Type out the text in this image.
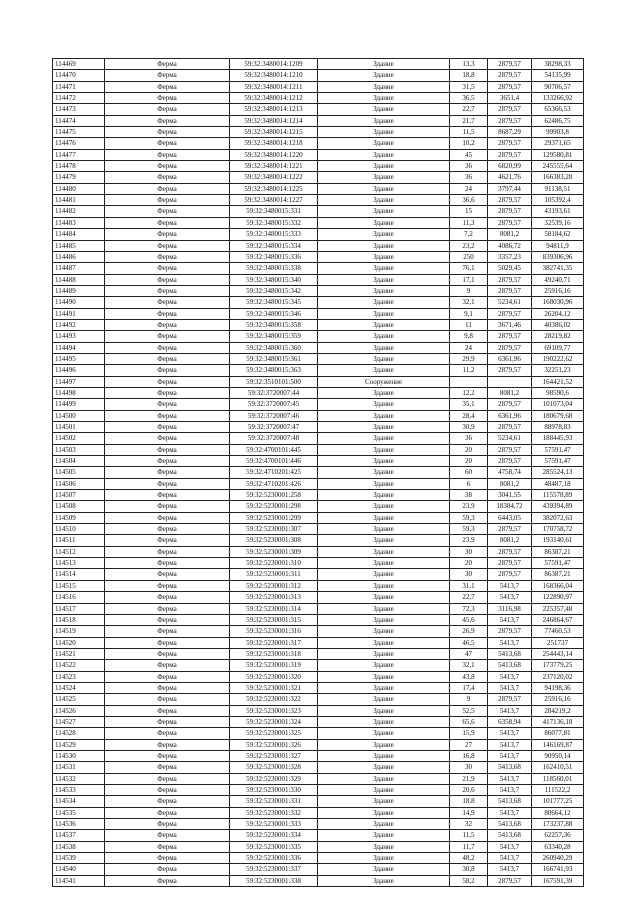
114469	Ферма	59:32:3480014:1209	Здание	13,3	2879,57	38298,33
114470	Ферма	59:32:3480014:1210	Здание	18,8	2879,57	54135,99
114471	Ферма	59:32:3480014:1211	Здание	31,5	2879,57	90706,57
114472	Ферма	59:32:3480014:1212	Здание	36,5	3651,4	133266,92
114473	Ферма	59:32:3480014:1213	Здание	22,7	2879,57	65366,53
114474	Ферма	59:32:3480014:1214	Здание	21,7	2879,57	62486,75
114475	Ферма	59:32:3480014:1215	Здание	11,5	8687,29	99903,8
114476	Ферма	59:32:3480014:1218	Здание	10,2	2879,57	29371,65
114477	Ферма	59:32:3480014:1220	Здание	45	2879,57	129580,81
114478	Ферма	59:32:3480014:1221	Здание	36	6820,99	245555,64
114479	Ферма	59:32:3480014:1222	Здание	36	4621,76	166383,28
114480	Ферма	59:32:3480014:1225	Здание	24	3797,44	91138,51
114481	Ферма	59:32:3480014:1227	Здание	36,6	2879,57	105392,4
114482	Ферма	59:32:3480015:331	Здание	15	2879,57	43193,61
114483	Ферма	59:32:3480015:332	Здание	11,3	2879,57	32539,16
114484	Ферма	59:32:3480015:333	Здание	7,2	8081,2	58184,62
114485	Ферма	59:32:3480015:334	Здание	23,2	4086,72	94811,9
114486	Ферма	59:32:3480015:336	Здание	250	3357,23	839306,96
114487	Ферма	59:32:3480015:338	Здание	76,1	5029,45	382741,35
114488	Ферма	59:32:3480015:340	Здание	17,1	2879,57	49240,71
114489	Ферма	59:32:3480015:342	Здание	9	2879,57	25916,16
114490	Ферма	59:32:3480015:345	Здание	32,1	5234,61	168030,96
114491	Ферма	59:32:3480015:346	Здание	9,1	2879,57	26204,12
114492	Ферма	59:32:3480015:358	Здание	11	3671,46	40386,02
114493	Ферма	59:32:3480015:359	Здание	9,8	2879,57	28219,82
114494	Ферма	59:32:3480015:360	Здание	24	2879,57	69109,77
114495	Ферма	59:32:3480015:361	Здание	29,9	6361,96	190222,62
114496	Ферма	59:32:3480015:363	Здание	11,2	2879,57	32251,23
114497	Ферма	59:32:3510101:500	Сооружение			164421,52
114498	Ферма	59:32:3720007:44	Здание	12,2	8081,2	98590,6
114499	Ферма	59:32:3720007:45	Здание	35,1	2879,57	101073,04
114500	Ферма	59:32:3720007:46	Здание	28,4	6361,96	180679,68
114501	Ферма	59:32:3720007:47	Здание	30,9	2879,57	88978,83
114502	Ферма	59:32:3720007:48	Здание	36	5234,61	188445,93
114503	Ферма	59:32:4700101:445	Здание	20	2879,57	57591,47
114504	Ферма	59:32:4700101:446	Здание	20	2879,57	57591,47
114505	Ферма	59:32:4710201:425	Здание	60	4758,74	285524,13
114506	Ферма	59:32:4710201:426	Здание	6	8081,2	48487,18
114507	Ферма	59:32:5230001:258	Здание	38	3041,55	115578,89
114508	Ферма	59:32:5230001:298	Здание	23,9	18384,72	439394,89
114509	Ферма	59:32:5230001:299	Здание	59,3	6443,05	382072,63
114510	Ферма	59:32:5230001:307	Здание	59,3	2879,57	170758,72
114511	Ферма	59:32:5230001:308	Здание	23,9	8081,2	193140,61
114512	Ферма	59:32:5230001:309	Здание	30	2879,57	86387,21
114513	Ферма	59:32:5230001:310	Здание	20	2879,57	57591,47
114514	Ферма	59:32:5230001:311	Здание	30	2879,57	86387,21
114515	Ферма	59:32:5230001:312	Здание	31,1	5413,7	168366,04
114516	Ферма	59:32:5230001:313	Здание	22,7	5413,7	122890,97
114517	Ферма	59:32:5230001:314	Здание	72,3	3116,98	225357,48
114518	Ферма	59:32:5230001:315	Здание	45,6	5413,7	246864,67
114519	Ферма	59:32:5230001:316	Здание	26,9	2879,57	77460,53
114520	Ферма	59:32:5230001:317	Здание	46,5	5413,7	251737
114521	Ферма	59:32:5230001:318	Здание	47	5413,68	254443,14
114522	Ферма	59:32:5230001:319	Здание	32,1	5413,68	173779,25
114523	Ферма	59:32:5230001:320	Здание	43,8	5413,7	237120,02
114524	Ферма	59:32:5230001:321	Здание	17,4	5413,7	94198,36
114525	Ферма	59:32:5230001:322	Здание	9	2879,57	25916,16
114526	Ферма	59:32:5230001:323	Здание	52,5	5413,7	284219,2
114527	Ферма	59:32:5230001:324	Здание	65,6	6358,94	417136,18
114528	Ферма	59:32:5230001:325	Здание	15,9	5413,7	86077,81
114529	Ферма	59:32:5230001:326	Здание	27	5413,7	146169,87
114530	Ферма	59:32:5230001:327	Здание	16,8	5413,7	90950,14
114531	Ферма	59:32:5230001:328	Здание	30	5413,68	162410,51
114532	Ферма	59:32:5230001:329	Здание	21,9	5413,7	118560,01
114533	Ферма	59:32:5230001:330	Здание	20,6	5413,7	111522,2
114534	Ферма	59:32:5230001:331	Здание	18,8	5413,68	101777,25
114535	Ферма	59:32:5230001:332	Здание	14,9	5413,7	80664,12
114536	Ферма	59:32:5230001:333	Здание	32	5413,68	173237,88
114537	Ферма	59:32:5230001:334	Здание	11,5	5413,68	62257,36
114538	Ферма	59:32:5230001:335	Здание	11,7	5413,7	63340,28
114539	Ферма	59:32:5230001:336	Здание	48,2	5413,7	260940,29
114540	Ферма	59:32:5230001:337	Здание	30,8	5413,7	166741,93
114541	Ферма	59:32:5230001:338	Здание	58,2	2879,57	167591,39
